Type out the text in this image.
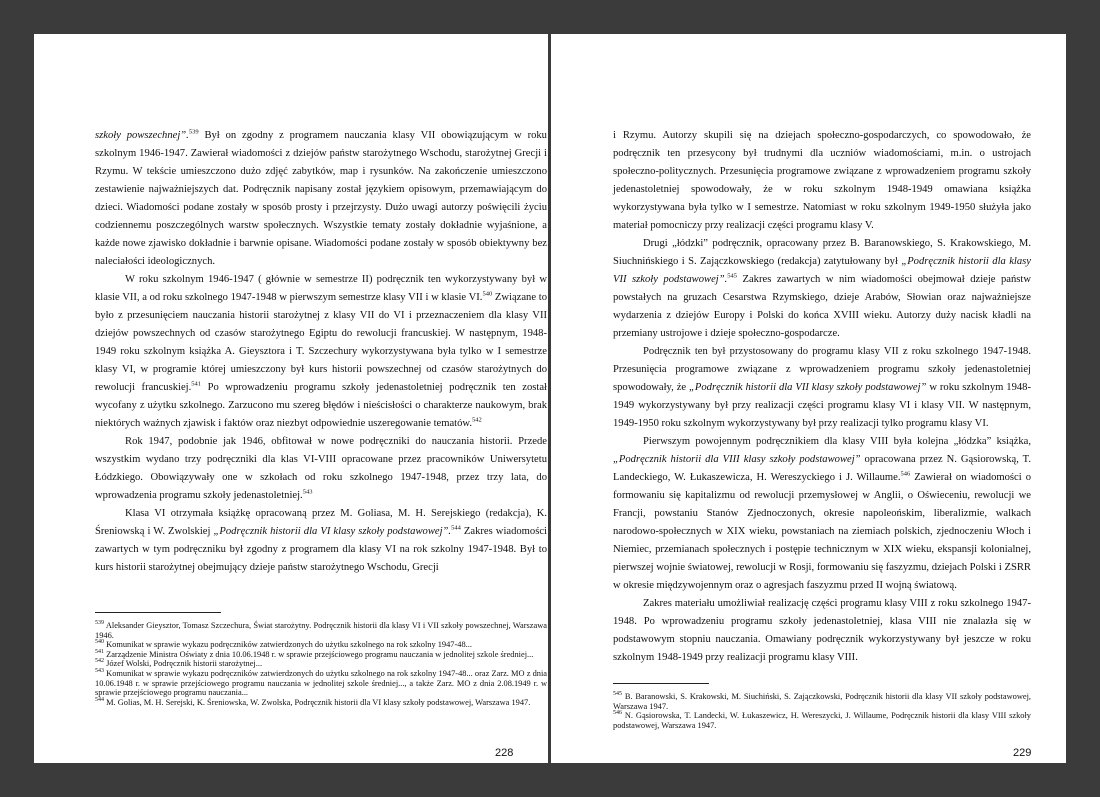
szkoły powszechnej”.$^{539}$ Był on zgodny z programem nauczania klasy VII obowiązującym w roku szkolnym 1946-1947. Zawierał wiadomości z dziejów państw starożytnego Wschodu, starożytnej Grecji i Rzymu. W tekście umieszczono dużo zdjęć zabytków, map i rysunków. Na zakończenie umieszczono zestawienie najważniejszych dat. Podręcznik napisany został językiem opisowym, przemawiającym do dzieci. Wiadomości podane zostały w sposób prosty i przejrzysty. Dużo uwagi autorzy poświęcili życiu codziennemu poszczególnych warstw społecznych. Wszystkie tematy zostały dokładnie wyjaśnione, a każde nowe zjawisko dokładnie i barwnie opisane. Wiadomości podane zostały w sposób obiektywny bez naleciałości ideologicznych.

W roku szkolnym 1946-1947 ( głównie w semestrze II) podręcznik ten wykorzystywany był w klasie VII, a od roku szkolnego 1947-1948 w pierwszym semestrze klasy VII i w klasie VI.$^{540}$ Związane to było z przesunięciem nauczania historii starożytnej z klasy VII do VI i przeznaczeniem dla klasy VII dziejów powszechnych od czasów starożytnego Egiptu do rewolucji francuskiej. W następnym, 1948-1949 roku szkolnym książka A. Gieysztora i T. Szczechury wykorzystywana była tylko w I semestrze klasy VI, w programie której umieszczony był kurs historii powszechnej od czasów starożytnych do rewolucji francuskiej.$^{541}$ Po wprowadzeniu programu szkoły jedenastoletniej podręcznik ten został wycofany z użytku szkolnego. Zarzucono mu szereg błędów i nieścisłości o charakterze naukowym, brak niektórych ważnych zjawisk i faktów oraz niezbyt odpowiednie uszeregowanie tematów.$^{542}$

Rok 1947, podobnie jak 1946, obfitował w nowe podręczniki do nauczania historii. Przede wszystkim wydano trzy podręczniki dla klas VI-VIII opracowane przez pracowników Uniwersytetu Łódzkiego. Obowiązywały one w szkołach od roku szkolnego 1947-1948, przez trzy lata, do wprowadzenia programu szkoły jedenastoletniej.$^{543}$

Klasa VI otrzymała książkę opracowaną przez M. Goliasa, M. H. Serejskiego (redakcja), K. Śreniowską i W. Zwolskiej „Podręcznik historii dla VI klasy szkoły podstawowej”.$^{544}$ Zakres wiadomości zawartych w tym podręczniku był zgodny z programem dla klasy VI na rok szkolny 1947-1948. Był to kurs historii starożytnej obejmujący dzieje państw starożytnego Wschodu, Grecji

$^{539}$ Aleksander Gieysztor, Tomasz Szczechura, Świat starożytny. Podręcznik historii dla klasy VI i VII szkoły powszechnej, Warszawa 1946.

$^{540}$ Komunikat w sprawie wykazu podręczników zatwierdzonych do użytku szkolnego na rok szkolny 1947-48...

$^{541}$ Zarządzenie Ministra Oświaty z dnia 10.06.1948 r. w sprawie przejściowego programu nauczania w jednolitej szkole średniej...

$^{542}$ Józef Wolski, Podręcznik historii starożytnej...

$^{543}$ Komunikat w sprawie wykazu podręczników zatwierdzonych do użytku szkolnego na rok szkolny 1947-48... oraz Zarz. MO z dnia 10.06.1948 r. w sprawie przejściowego programu nauczania w jednolitej szkole średniej..., a także Zarz. MO z dnia 2.08.1949 r. w sprawie przejściowego programu nauczania...

$^{544}$ M. Golias, M. H. Serejski, K. Śreniowska, W. Zwolska, Podręcznik historii dla VI klasy szkoły podstawowej, Warszawa 1947.

228

i Rzymu. Autorzy skupili się na dziejach społeczno-gospodarczych, co spowodowało, że podręcznik ten przesycony był trudnymi dla uczniów wiadomościami, m.in. o ustrojach społeczno-politycznych. Przesunięcia programowe związane z wprowadzeniem programu szkoły jedenastoletniej spowodowały, że w roku szkolnym 1948-1949 omawiana książka wykorzystywana była tylko w I semestrze. Natomiast w roku szkolnym 1949-1950 służyła jako materiał pomocniczy przy realizacji części programu klasy V.

Drugi „łódzki” podręcznik, opracowany przez B. Baranowskiego, S. Krakowskiego, M. Siuchnińskiego i S. Zajączkowskiego (redakcja) zatytułowany był „Podręcznik historii dla klasy VII szkoły podstawowej”.$^{545}$ Zakres zawartych w nim wiadomości obejmował dzieje państw powstałych na gruzach Cesarstwa Rzymskiego, dzieje Arabów, Słowian oraz najważniejsze wydarzenia z dziejów Europy i Polski do końca XVIII wieku. Autorzy duży nacisk kładli na przemiany ustrojowe i dzieje społeczno-gospodarcze.

Podręcznik ten był przystosowany do programu klasy VII z roku szkolnego 1947-1948. Przesunięcia programowe związane z wprowadzeniem programu szkoły jedenastoletniej spowodowały, że „Podręcznik historii dla VII klasy szkoły podstawowej” w roku szkolnym 1948-1949 wykorzystywany był przy realizacji części programu klasy VI i klasy VII. W następnym, 1949-1950 roku szkolnym wykorzystywany był przy realizacji tylko programu klasy VI.

Pierwszym powojennym podręcznikiem dla klasy VIII była kolejna „łódzka” książka, „Podręcznik historii dla VIII klasy szkoły podstawowej” opracowana przez N. Gąsiorowską, T. Landeckiego, W. Łukaszewicza, H. Wereszyckiego i J. Willaume.$^{546}$ Zawierał on wiadomości o formowaniu się kapitalizmu od rewolucji przemysłowej w Anglii, o Oświeceniu, rewolucji we Francji, powstaniu Stanów Zjednoczonych, okresie napoleońskim, liberalizmie, walkach narodowo-społecznych w XIX wieku, powstaniach na ziemiach polskich, zjednoczeniu Włoch i Niemiec, przemianach społecznych i postępie technicznym w XIX wieku, ekspansji kolonialnej, pierwszej wojnie światowej, rewolucji w Rosji, formowaniu się faszyzmu, dziejach Polski i ZSRR w okresie międzywojennym oraz o agresjach faszyzmu przed II wojną światową.

Zakres materiału umożliwiał realizację części programu klasy VIII z roku szkolnego 1947-1948. Po wprowadzeniu programu szkoły jedenastoletniej, klasa VIII nie znalazła się w podstawowym stopniu nauczania. Omawiany podręcznik wykorzystywany był jeszcze w roku szkolnym 1948-1949 przy realizacji programu klasy VIII.

$^{545}$ B. Baranowski, S. Krakowski, M. Siuchiński, S. Zajączkowski, Podręcznik historii dla klasy VII szkoły podstawowej, Warszawa 1947.

$^{546}$ N. Gąsiorowska, T. Landecki, W. Łukaszewicz, H. Wereszycki, J. Willaume, Podręcznik historii dla klasy VIII szkoły podstawowej, Warszawa 1947.

229
